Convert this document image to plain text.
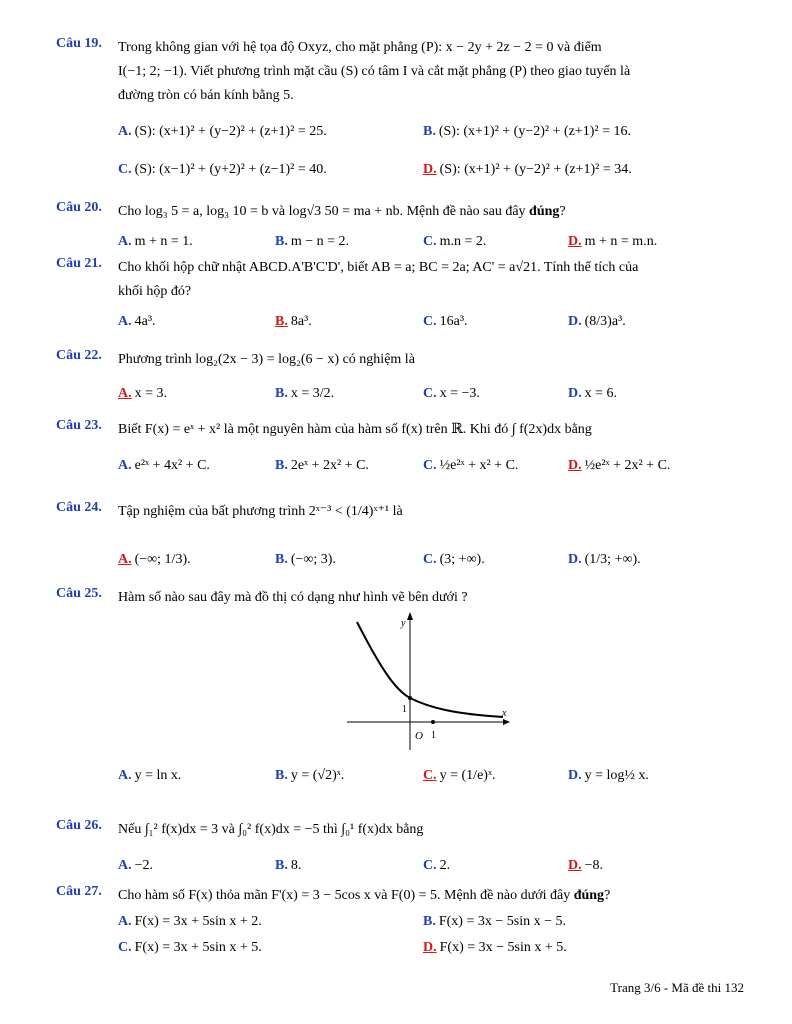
Câu 19. Trong không gian với hệ tọa độ Oxyz, cho mặt phẳng (P): x − 2y + 2z − 2 = 0 và điểm
I(−1; 2; −1). Viết phương trình mặt cầu (S) có tâm I và cắt mặt phẳng (P) theo giao tuyến là
đường tròn có bán kính bằng 5.
A. (S): (x+1)² + (y−2)² + (z+1)² = 25.	B. (S): (x+1)² + (y−2)² + (z+1)² = 16.
C. (S): (x−1)² + (y+2)² + (z−1)² = 40.	D. (S): (x+1)² + (y−2)² + (z+1)² = 34.
Câu 20. Cho log₃ 5 = a, log₃ 10 = b và log√3 50 = ma + nb. Mệnh đề nào sau đây đúng?
A. m + n = 1.	B. m − n = 2.	C. m.n = 2.	D. m + n = m.n.
Câu 21. Cho khối hộp chữ nhật ABCD.A'B'C'D', biết AB = a; BC = 2a; AC' = a√21. Tính thể tích của
khối hộp đó?
A. 4a³.	B. 8a³.	C. 16a³.	D. (8/3)a³.
Câu 22. Phương trình log₂(2x − 3) = log₂(6 − x) có nghiệm là
A. x = 3.	B. x = 3/2.	C. x = −3.	D. x = 6.
Câu 23. Biết F(x) = eˣ + x² là một nguyên hàm của hàm số f(x) trên ℝ. Khi đó ∫ f(2x)dx bằng
A. e²ˣ + 4x² + C.	B. 2eˣ + 2x² + C.	C. ½e²ˣ + x² + C.	D. ½e²ˣ + 2x² + C.
Câu 24. Tập nghiệm của bất phương trình 2ˣ⁻³ < (1/4)ˣ⁺¹ là
A. (−∞; 1/3).	B. (−∞; 3).	C. (3; +∞).	D. (1/3; +∞).
Câu 25. Hàm số nào sau đây mà đồ thị có dạng như hình vẽ bên dưới ?
y
x
O 1
1
A. y = ln x.	B. y = (√2)ˣ.	C. y = (1/e)ˣ.	D. y = log½ x.
Câu 26. Nếu ∫₁² f(x)dx = 3 và ∫₀² f(x)dx = −5 thì ∫₀¹ f(x)dx bằng
A. −2.	B. 8.	C. 2.	D. −8.
Câu 27. Cho hàm số F(x) thỏa mãn F'(x) = 3 − 5cos x và F(0) = 5. Mệnh đề nào dưới đây đúng?
A. F(x) = 3x + 5sin x + 2.	B. F(x) = 3x − 5sin x − 5.
C. F(x) = 3x + 5sin x + 5.	D. F(x) = 3x − 5sin x + 5.
Trang 3/6 - Mã đề thi 132
